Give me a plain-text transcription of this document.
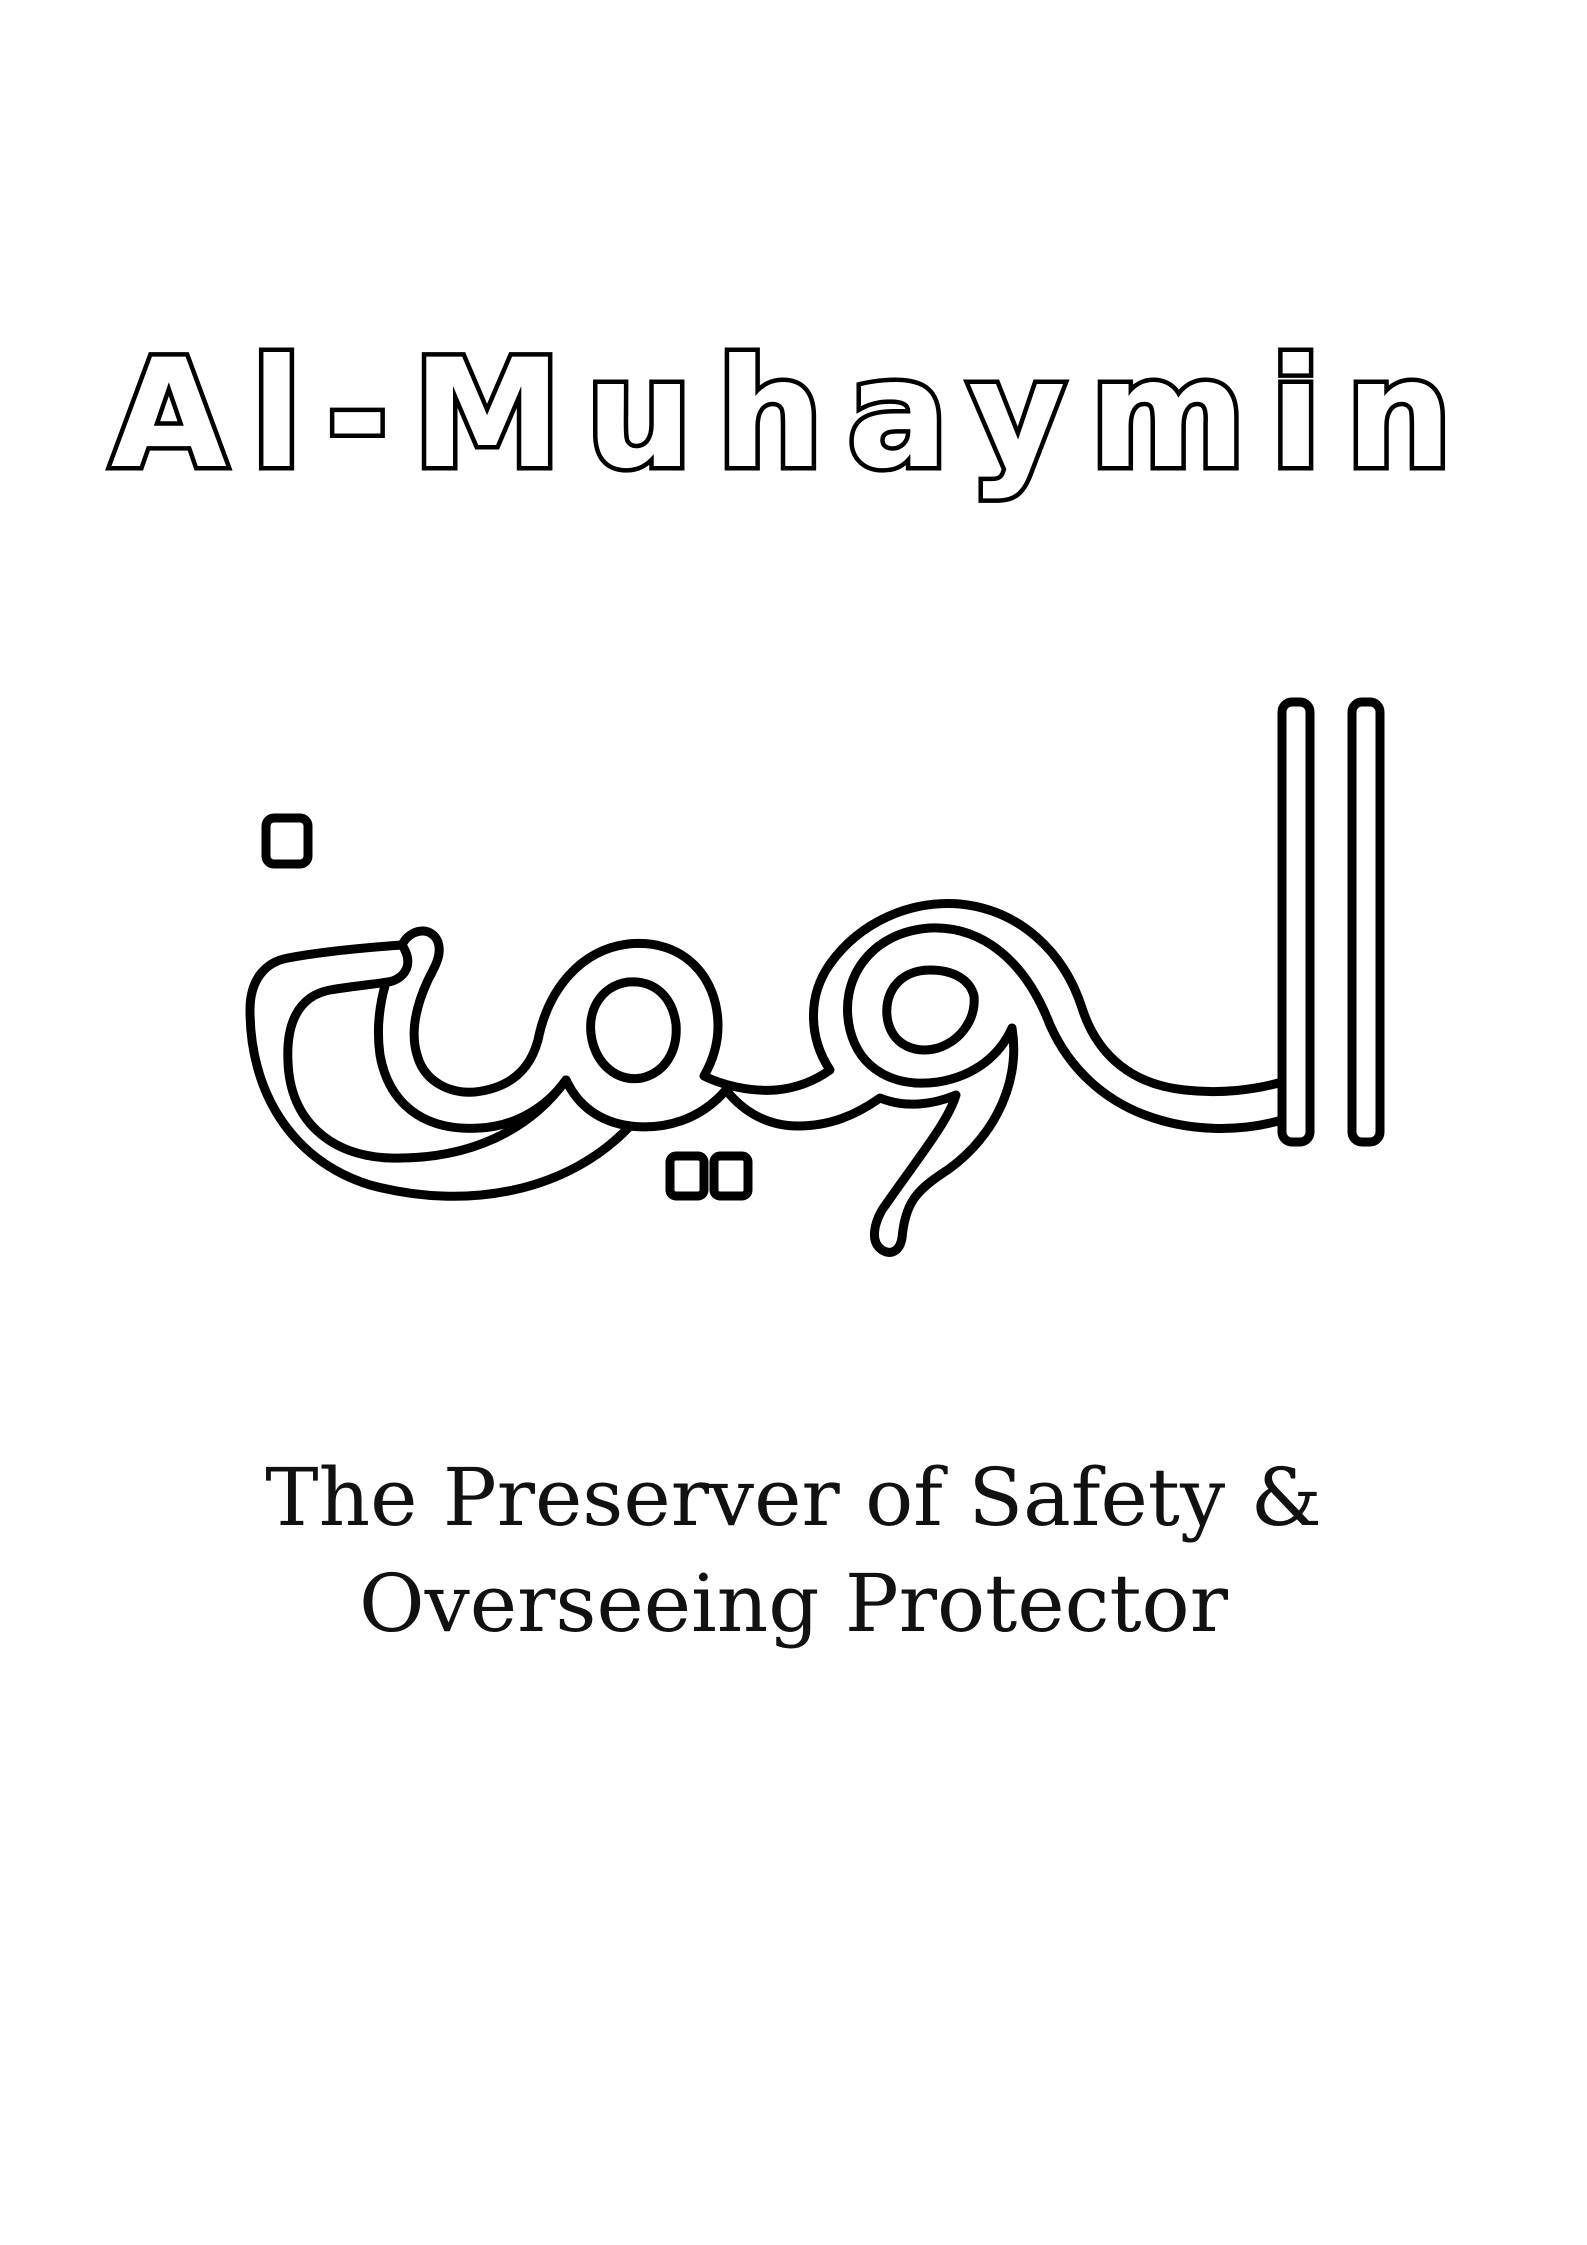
Al-Muhaymin
The Preserver of Safety &
Overseeing Protector
